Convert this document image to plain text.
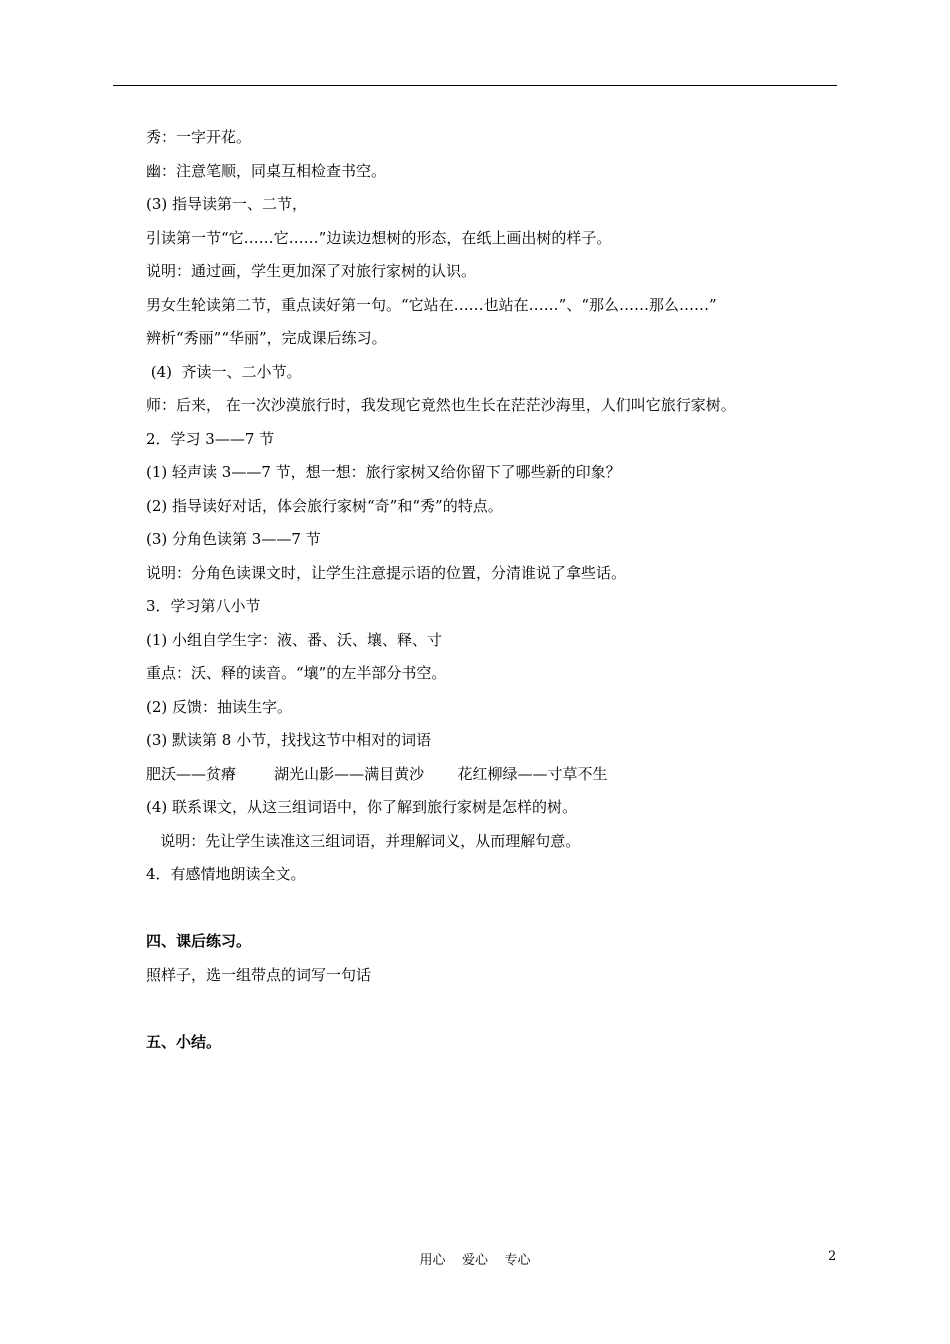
秀：一字开花。
幽：注意笔顺，同桌互相检查书空。
(3) 指导读第一、二节，
引读第一节“它……它……”边读边想树的形态，在纸上画出树的样子。
说明：通过画，学生更加深了对旅行家树的认识。
男女生轮读第二节，重点读好第一句。“它站在……也站在……”、“那么……那么……”
辨析“秀丽”“华丽”，完成课后练习。
(4)  齐读一、二小节。
师：后来， 在一次沙漠旅行时，我发现它竟然也生长在茫茫沙海里，人们叫它旅行家树。
2．学习 3——7 节
(1) 轻声读 3——7 节，想一想：旅行家树又给你留下了哪些新的印象？
(2) 指导读好对话，体会旅行家树“奇”和“秀”的特点。
(3) 分角色读第 3——7 节
说明：分角色读课文时，让学生注意提示语的位置，分清谁说了拿些话。
3．学习第八小节
(1) 小组自学生字：液、番、沃、壤、释、寸
重点：沃、释的读音。“壤”的左半部分书空。
(2) 反馈：抽读生字。
(3) 默读第 8 小节，找找这节中相对的词语
肥沃——贫瘠        湖光山影——满目黄沙       花红柳绿——寸草不生
(4) 联系课文，从这三组词语中，你了解到旅行家树是怎样的树。
说明：先让学生读准这三组词语，并理解词义，从而理解句意。
4．有感情地朗读全文。
四、课后练习。
照样子，选一组带点的词写一句话
五、小结。
用心    爱心    专心	2
